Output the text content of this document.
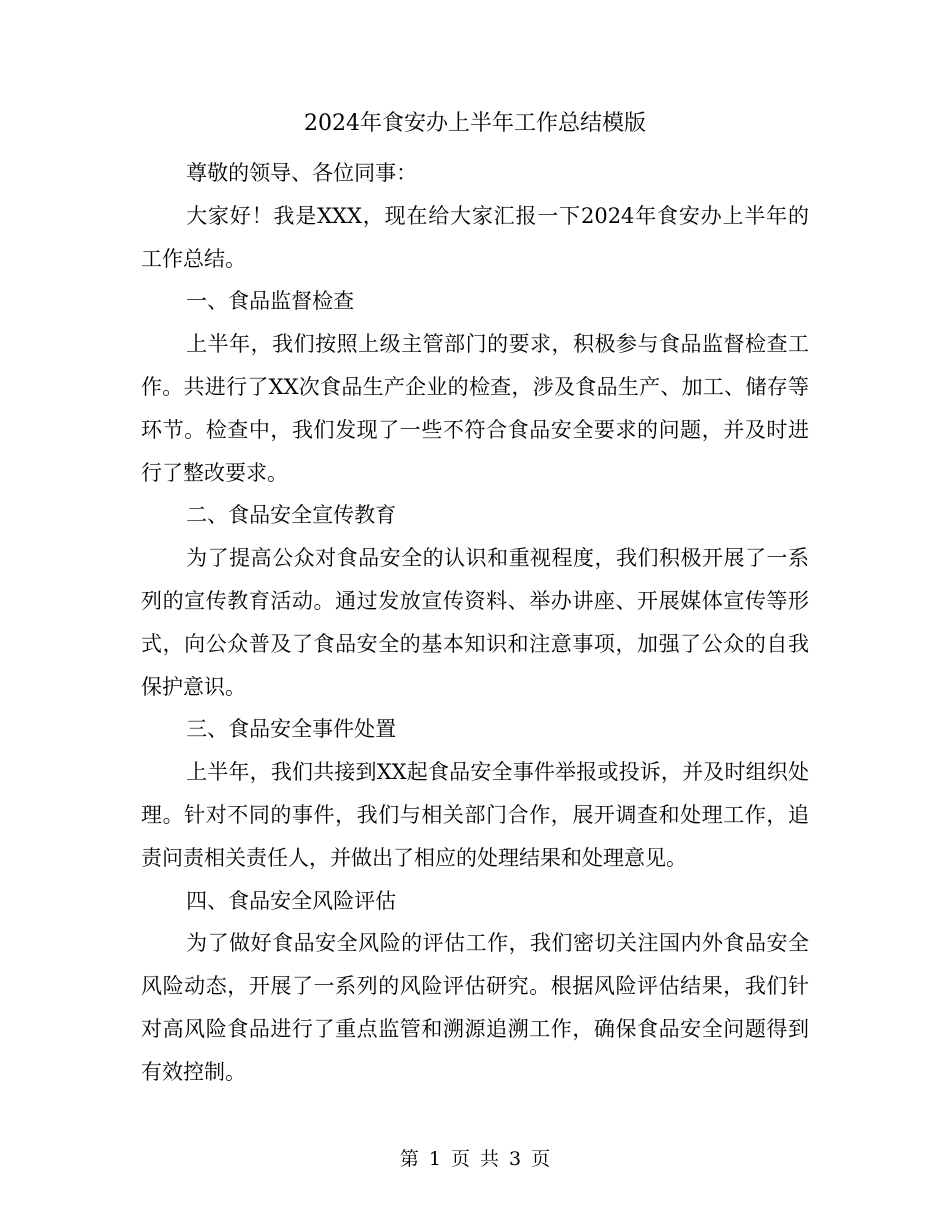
2024年食安办上半年工作总结模版

尊敬的领导、各位同事：

大家好！我是XXX，现在给大家汇报一下2024年食安办上半年的工作总结。

一、食品监督检查

上半年，我们按照上级主管部门的要求，积极参与食品监督检查工作。共进行了XX次食品生产企业的检查，涉及食品生产、加工、储存等环节。检查中，我们发现了一些不符合食品安全要求的问题，并及时进行了整改要求。

二、食品安全宣传教育

为了提高公众对食品安全的认识和重视程度，我们积极开展了一系列的宣传教育活动。通过发放宣传资料、举办讲座、开展媒体宣传等形式，向公众普及了食品安全的基本知识和注意事项，加强了公众的自我保护意识。

三、食品安全事件处置

上半年，我们共接到XX起食品安全事件举报或投诉，并及时组织处理。针对不同的事件，我们与相关部门合作，展开调查和处理工作，追责问责相关责任人，并做出了相应的处理结果和处理意见。

四、食品安全风险评估

为了做好食品安全风险的评估工作，我们密切关注国内外食品安全风险动态，开展了一系列的风险评估研究。根据风险评估结果，我们针对高风险食品进行了重点监管和溯源追溯工作，确保食品安全问题得到有效控制。

第 1 页 共 3 页
